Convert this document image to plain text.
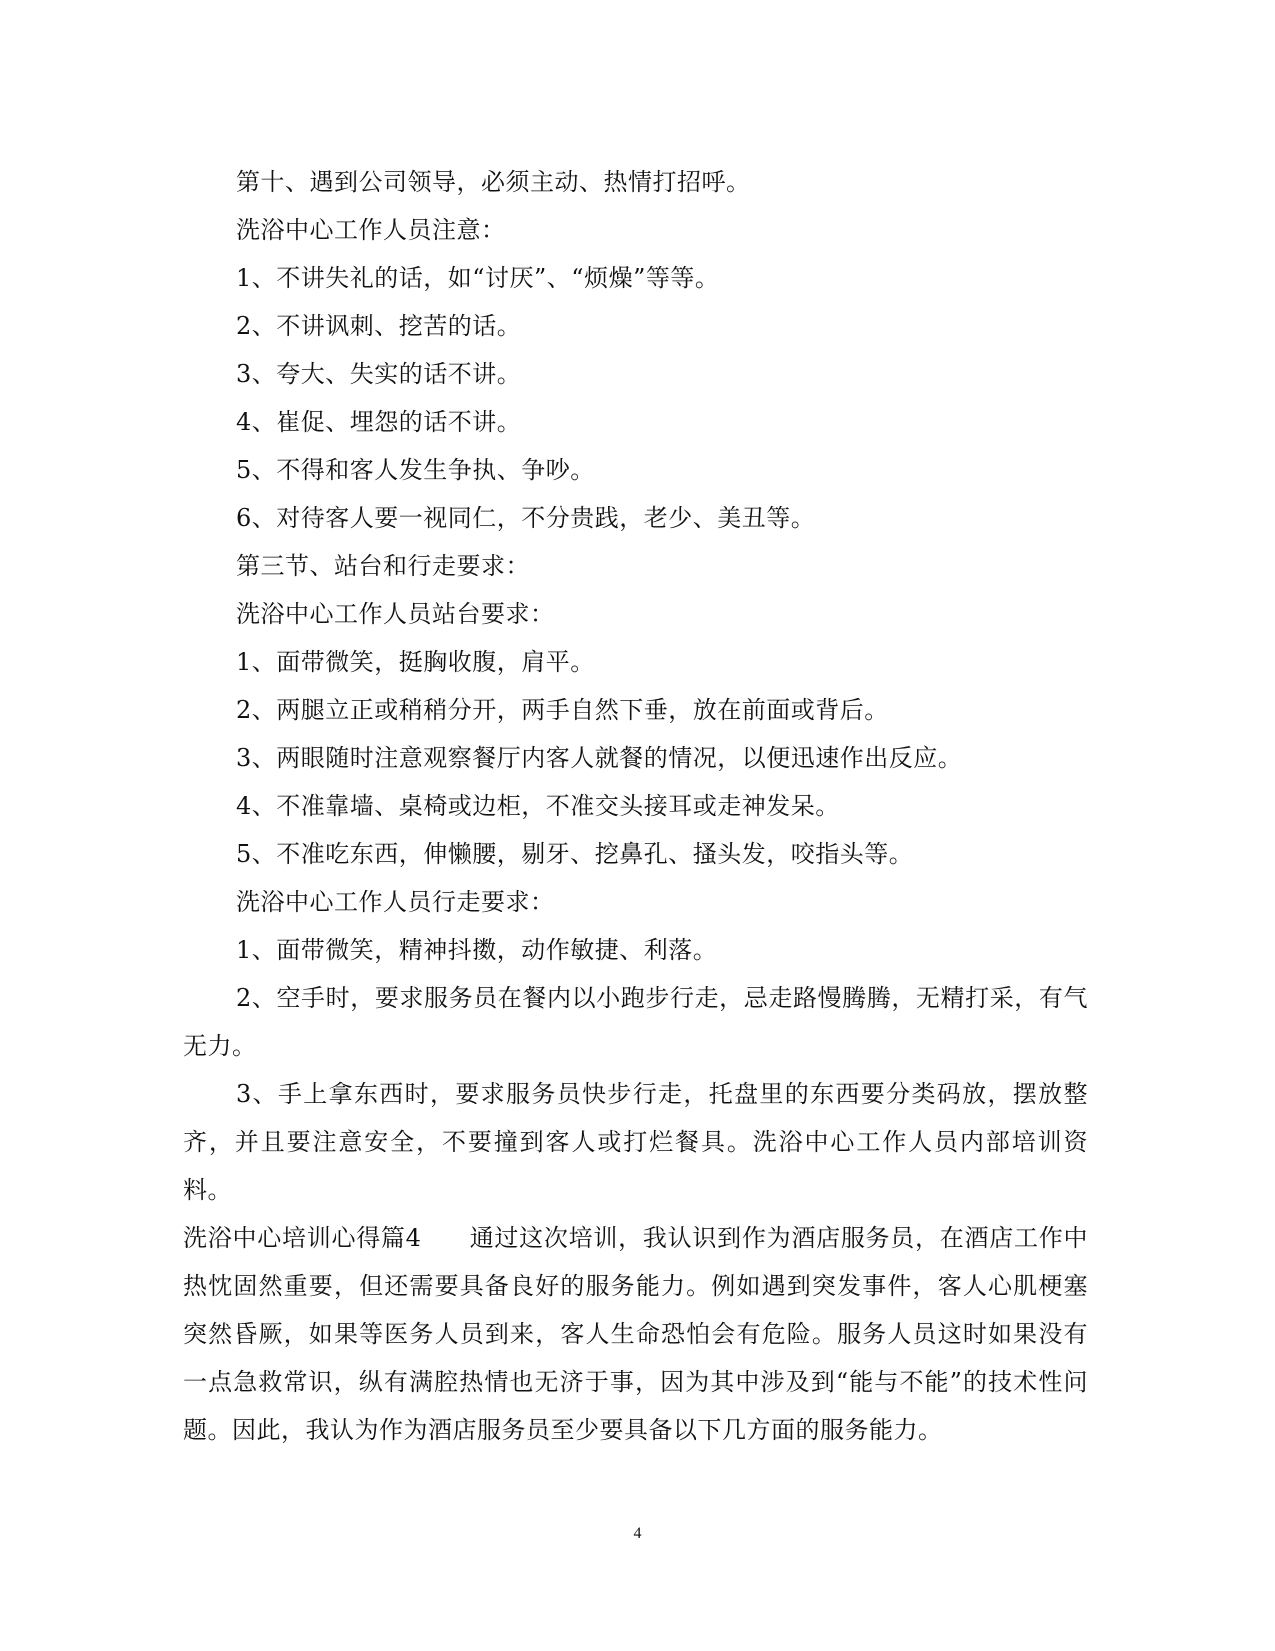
第十、遇到公司领导，必须主动、热情打招呼。
洗浴中心工作人员注意：
1、不讲失礼的话，如“讨厌”、“烦燥”等等。
2、不讲讽刺、挖苦的话。
3、夸大、失实的话不讲。
4、崔促、埋怨的话不讲。
5、不得和客人发生争执、争吵。
6、对待客人要一视同仁，不分贵践，老少、美丑等。
第三节、站台和行走要求：
洗浴中心工作人员站台要求：
1、面带微笑，挺胸收腹，肩平。
2、两腿立正或稍稍分开，两手自然下垂，放在前面或背后。
3、两眼随时注意观察餐厅内客人就餐的情况，以便迅速作出反应。
4、不准靠墙、桌椅或边柜，不准交头接耳或走神发呆。
5、不准吃东西，伸懒腰，剔牙、挖鼻孔、搔头发，咬指头等。
洗浴中心工作人员行走要求：
1、面带微笑，精神抖擞，动作敏捷、利落。

2、空手时，要求服务员在餐内以小跑步行走，忌走路慢腾腾，无精打采，有气无力。

3、手上拿东西时，要求服务员快步行走，托盘里的东西要分类码放，摆放整齐，并且要注意安全，不要撞到客人或打烂餐具。洗浴中心工作人员内部培训资料。

洗浴中心培训心得篇4 通过这次培训，我认识到作为酒店服务员，在酒店工作中热忱固然重要，但还需要具备良好的服务能力。例如遇到突发事件，客人心肌梗塞突然昏厥，如果等医务人员到来，客人生命恐怕会有危险。服务人员这时如果没有一点急救常识，纵有满腔热情也无济于事，因为其中涉及到“能与不能”的技术性问题。因此，我认为作为酒店服务员至少要具备以下几方面的服务能力。

4
